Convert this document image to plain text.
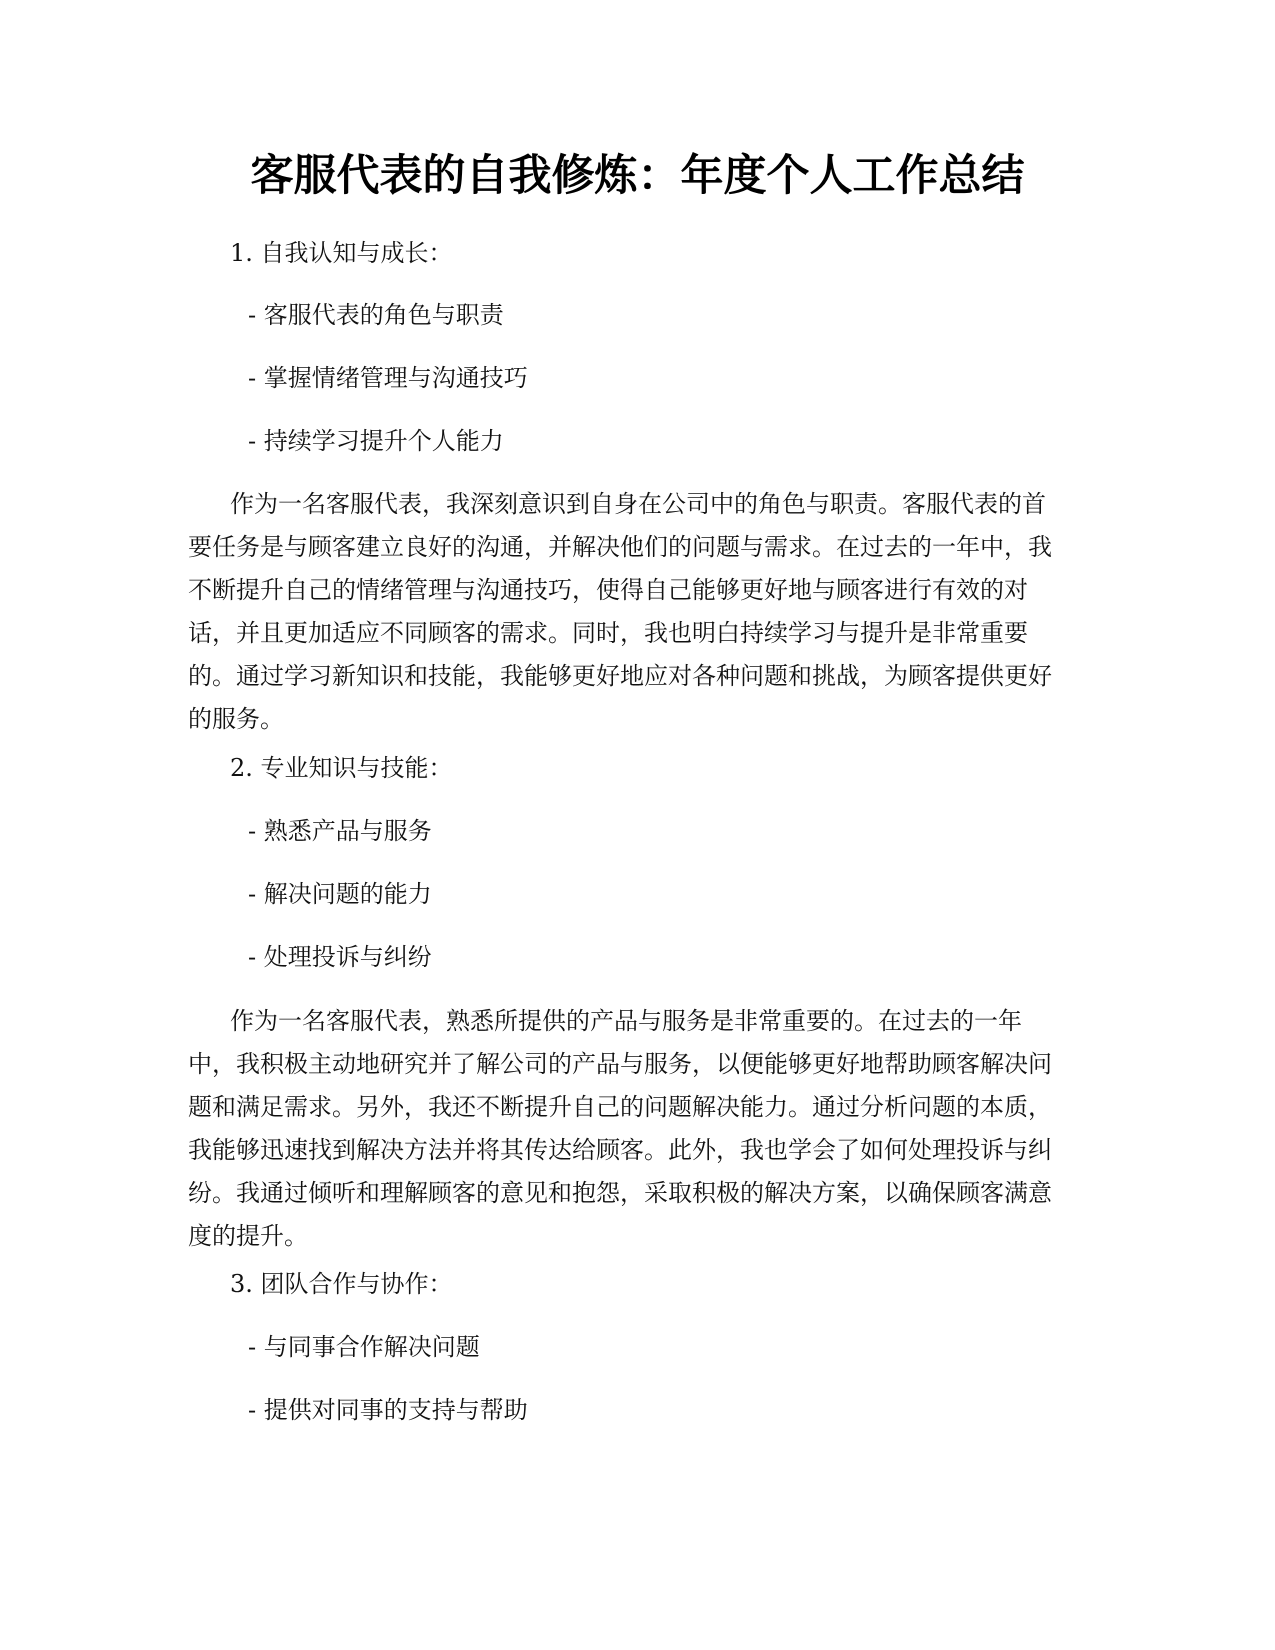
客服代表的自我修炼：年度个人工作总结

1. 自我认知与成长：

- 客服代表的角色与职责

- 掌握情绪管理与沟通技巧

- 持续学习提升个人能力

作为一名客服代表，我深刻意识到自身在公司中的角色与职责。客服代表的首
要任务是与顾客建立良好的沟通，并解决他们的问题与需求。在过去的一年中，我
不断提升自己的情绪管理与沟通技巧，使得自己能够更好地与顾客进行有效的对
话，并且更加适应不同顾客的需求。同时，我也明白持续学习与提升是非常重要
的。通过学习新知识和技能，我能够更好地应对各种问题和挑战，为顾客提供更好
的服务。

2. 专业知识与技能：

- 熟悉产品与服务

- 解决问题的能力

- 处理投诉与纠纷

作为一名客服代表，熟悉所提供的产品与服务是非常重要的。在过去的一年
中，我积极主动地研究并了解公司的产品与服务，以便能够更好地帮助顾客解决问
题和满足需求。另外，我还不断提升自己的问题解决能力。通过分析问题的本质，
我能够迅速找到解决方法并将其传达给顾客。此外，我也学会了如何处理投诉与纠
纷。我通过倾听和理解顾客的意见和抱怨，采取积极的解决方案，以确保顾客满意
度的提升。

3. 团队合作与协作：

- 与同事合作解决问题

- 提供对同事的支持与帮助
